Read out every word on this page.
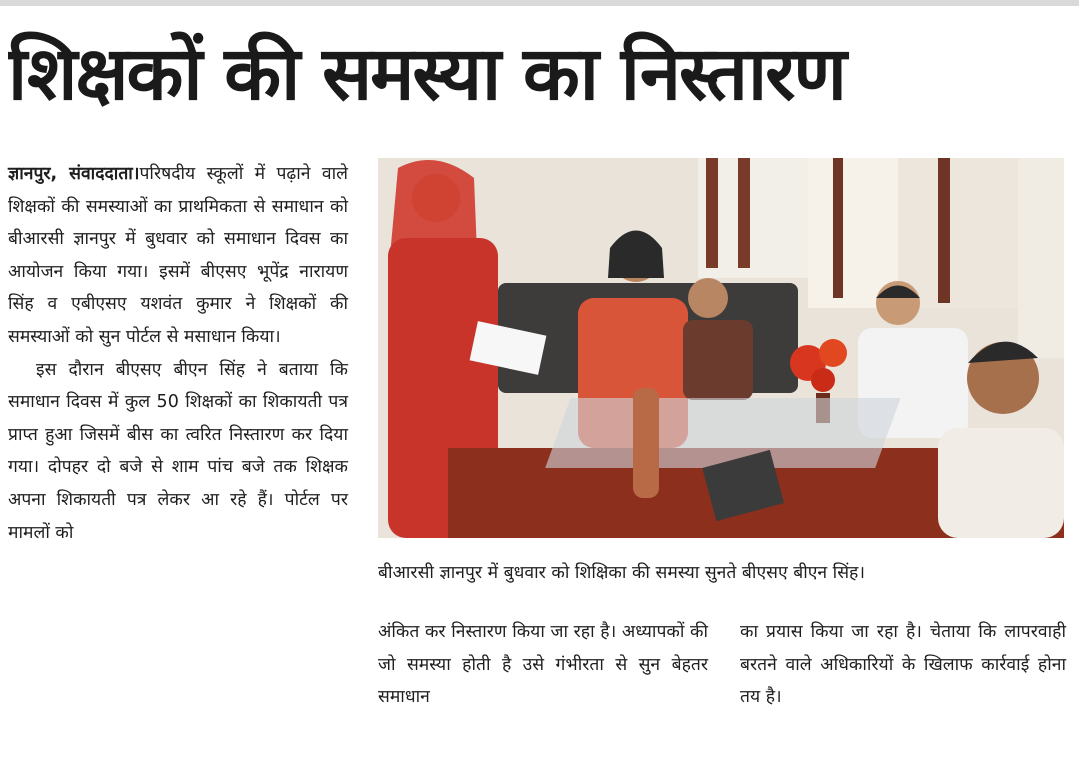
शिक्षकों की समस्या का निस्तारण

ज्ञानपुर, संवाददाता।परिषदीय स्कूलों में पढ़ाने वाले शिक्षकों की समस्याओं का प्राथमिकता से समाधान को बीआरसी ज्ञानपुर में बुधवार को समाधान दिवस का आयोजन किया गया। इसमें बीएसए भूपेंद्र नारायण सिंह व एबीएसए यशवंत कुमार ने शिक्षकों की समस्याओं को सुन पोर्टल से मसाधान किया।

इस दौरान बीएसए बीएन सिंह ने बताया कि समाधान दिवस में कुल 50 शिक्षकों का शिकायती पत्र प्राप्त हुआ जिसमें बीस का त्वरित निस्तारण कर दिया गया। दोपहर दो बजे से शाम पांच बजे तक शिक्षक अपना शिकायती पत्र लेकर आ रहे हैं। पोर्टल पर मामलों को

बीआरसी ज्ञानपुर में बुधवार को शिक्षिका की समस्या सुनते बीएसए बीएन सिंह।

अंकित कर निस्तारण किया जा रहा है। अध्यापकों की जो समस्या होती है उसे गंभीरता से सुन बेहतर समाधान

का प्रयास किया जा रहा है। चेताया कि लापरवाही बरतने वाले अधिकारियों के खिलाफ कार्रवाई होना तय है।
